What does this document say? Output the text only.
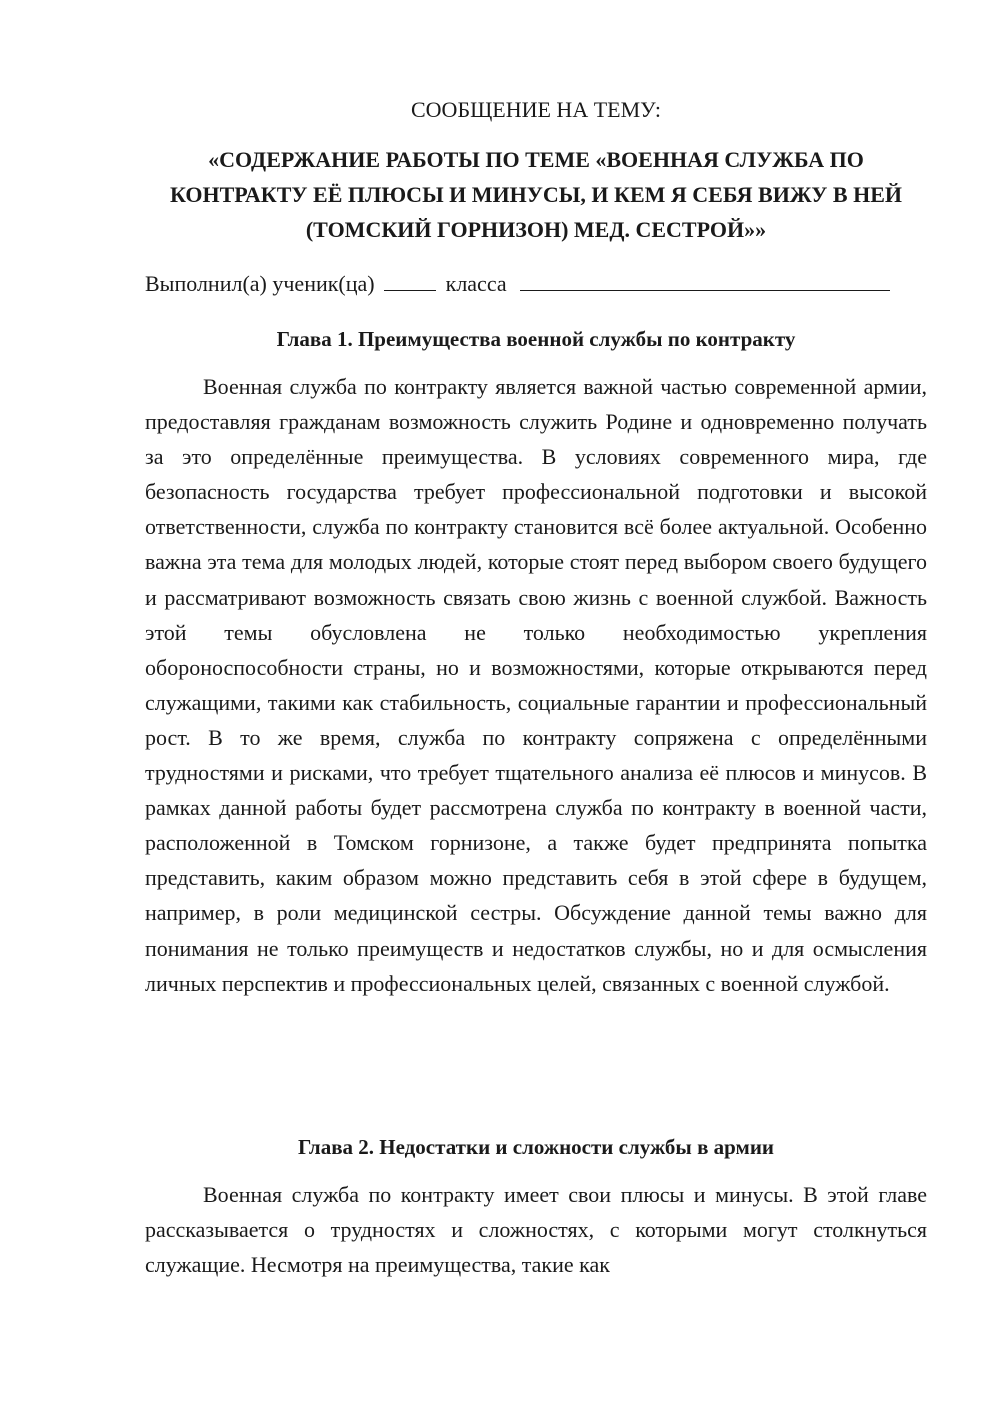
СООБЩЕНИЕ НА ТЕМУ:
«СОДЕРЖАНИЕ РАБОТЫ ПО ТЕМЕ «ВОЕННАЯ СЛУЖБА ПО КОНТРАКТУ ЕЁ ПЛЮСЫ И МИНУСЫ, И КЕМ Я СЕБЯ ВИЖУ В НЕЙ (ТОМСКИЙ ГОРНИЗОН) МЕД. СЕСТРОЙ»»
Выполнил(а) ученик(ца)	класса
Глава 1. Преимущества военной службы по контракту

Военная служба по контракту является важной частью современной армии, предоставляя гражданам возможность служить Родине и одновременно получать за это определённые преимущества. В условиях современного мира, где безопасность государства требует профессиональной подготовки и высокой ответственности, служба по контракту становится всё более актуальной. Особенно важна эта тема для молодых людей, которые стоят перед выбором своего будущего и рассматривают возможность связать свою жизнь с военной службой. Важность этой темы обусловлена не только необходимостью укрепления обороноспособности страны, но и возможностями, которые открываются перед служащими, такими как стабильность, социальные гарантии и профессиональный рост. В то же время, служба по контракту сопряжена с определёнными трудностями и рисками, что требует тщательного анализа её плюсов и минусов. В рамках данной работы будет рассмотрена служба по контракту в военной части, расположенной в Томском горнизоне, а также будет предпринята попытка представить, каким образом можно представить себя в этой сфере в будущем, например, в роли медицинской сестры. Обсуждение данной темы важно для понимания не только преимуществ и недостатков службы, но и для осмысления личных перспектив и профессиональных целей, связанных с военной службой.

Глава 2. Недостатки и сложности службы в армии

Военная служба по контракту имеет свои плюсы и минусы. В этой главе рассказывается о трудностях и сложностях, с которыми могут столкнуться служащие. Несмотря на преимущества, такие как
